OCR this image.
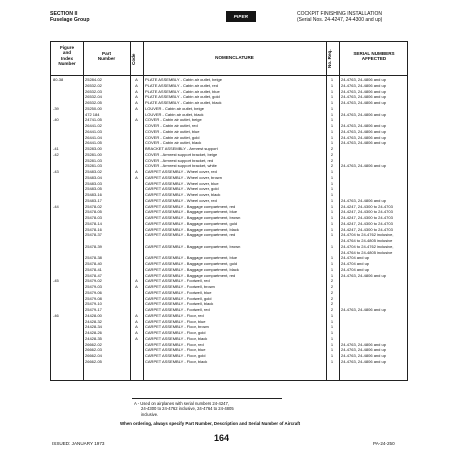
SECTION II
Fuselage Group
PIPER	COCKPIT FINISHING INSTALLATION
(Serial Nos. 24-4247, 24-4300 and up)
Figure
and
Index
Number
Part
Number	Code	NOMENCLATURE	No. Req.	SERIAL NUMBERS
AFFECTED
80-38	25284-02	A	PLATE ASSEMBLY - Cabin air outlet, beige	1	24-4763, 24-4806 and up
26532-02	A	PLATE ASSEMBLY - Cabin air outlet, red	1	24-4763, 24-4806 and up
26532-03	A	PLATE ASSEMBLY - Cabin air outlet, blue	1	24-4763, 24-4806 and up
26532-04	A	PLATE ASSEMBLY - Cabin air outlet, gold	1	24-4763, 24-4806 and up
26532-05	A	PLATE ASSEMBLY - Cabin air outlet, black	1	24-4763, 24-4806 and up
-39	25250-00	A	LOUVER - Cabin air outlet, beige	1
472 184	LOUVER - Cabin air outlet, black	1	24-4763, 24-4806 and up
-40	24741-05	A	COVER - Cabin air outlet, beige	1
26441-02	COVER - Cabin air outlet, red	1	24-4763, 24-4806 and up
26441-03	COVER - Cabin air outlet, blue	1	24-4763, 24-4806 and up
26441-04	COVER - Cabin air outlet, gold	1	24-4763, 24-4806 and up
26441-05	COVER - Cabin air outlet, black	1	24-4763, 24-4806 and up
-41	25283-00	BRACKET ASSEMBLY - Armrest support	2
-42	25281-00	COVER - Armrest support bracket, beige	2
25281-03	COVER - Armrest support bracket, red	2
25281-03	COVER - Armrest support bracket, white	2	24-4763, 24-4806 and up
-43	25483-02	A	CARPET ASSEMBLY - Wheel cover, red	1
25483-04	A	CARPET ASSEMBLY - Wheel cover, brown	1
25483-03	CARPET ASSEMBLY - Wheel cover, blue	1
25483-05	CARPET ASSEMBLY - Wheel cover, gold	1
25483-16	CARPET ASSEMBLY - Wheel cover, black	1
25483-17	CARPET ASSEMBLY - Wheel cover, red	1	24-4763, 24-4806 and up
-44	25478-02	CARPET ASSEMBLY - Baggage compartment, red	1	24-4247, 24-4300 to 24-4703
25478-05	CARPET ASSEMBLY - Baggage compartment, blue	1	24-4247, 24-4300 to 24-4703
25478-03	CARPET ASSEMBLY - Baggage compartment, brown	1	24-4247, 24-4300 to 24-4703
25478-14	CARPET ASSEMBLY - Baggage compartment, gold	1	24-4247, 24-4300 to 24-4703
25478-16	CARPET ASSEMBLY - Baggage compartment, black	1	24-4247, 24-4300 to 24-4703
25478-37	CARPET ASSEMBLY - Baggage compartment, red	1	24-4704 to 24-4762 inclusive,
24-4764 to 24-4805 inclusive
25478-39	CARPET ASSEMBLY - Baggage compartment, brown	1	24-4704 to 24-4762 inclusive,
24-4764 to 24-4805 inclusive
25478-38	CARPET ASSEMBLY - Baggage compartment, blue	1	24-4704 and up
25478-40	CARPET ASSEMBLY - Baggage compartment, gold	1	24-4704 and up
25478-41	CARPET ASSEMBLY - Baggage compartment, black	1	24-4704 and up
25478-47	CARPET ASSEMBLY - Baggage compartment, red	1	24-4763, 24-4806 and up
-45	25479-02	A	CARPET ASSEMBLY - Footwell, red	2
25479-03	A	CARPET ASSEMBLY - Footwell, brown	2
25479-06	CARPET ASSEMBLY - Footwell, blue	2
25479-08	CARPET ASSEMBLY - Footwell, gold	2
25479-10	CARPET ASSEMBLY - Footwell, black	2
25479-17	CARPET ASSEMBLY - Footwell, red	2	24-4763, 24-4806 and up
-46	24428-00	A	CARPET ASSEMBLY - Floor, red	1
24428-32	A	CARPET ASSEMBLY - Floor, blue	1
24428-34	A	CARPET ASSEMBLY - Floor, brown	1
24428-26	A	CARPET ASSEMBLY - Floor, gold	1
24428-35	A	CARPET ASSEMBLY - Floor, black	1
26662-02	CARPET ASSEMBLY - Floor, red	1	24-4763, 24-4806 and up
26662-03	CARPET ASSEMBLY - Floor, blue	1	24-4763, 24-4806 and up
26662-04	CARPET ASSEMBLY - Floor, gold	1	24-4763, 24-4806 and up
26662-05	CARPET ASSEMBLY - Floor, black	1	24-4763, 24-4806 and up
A - Used on airplanes with serial numbers 24-4247,
24-4300 to 24-4762 inclusive, 24-4764 to 24-4805
inclusive.
When ordering, always specify Part Number, Description and Serial Number of Aircraft
ISSUED: JANUARY 1973
164
PA-24-250
